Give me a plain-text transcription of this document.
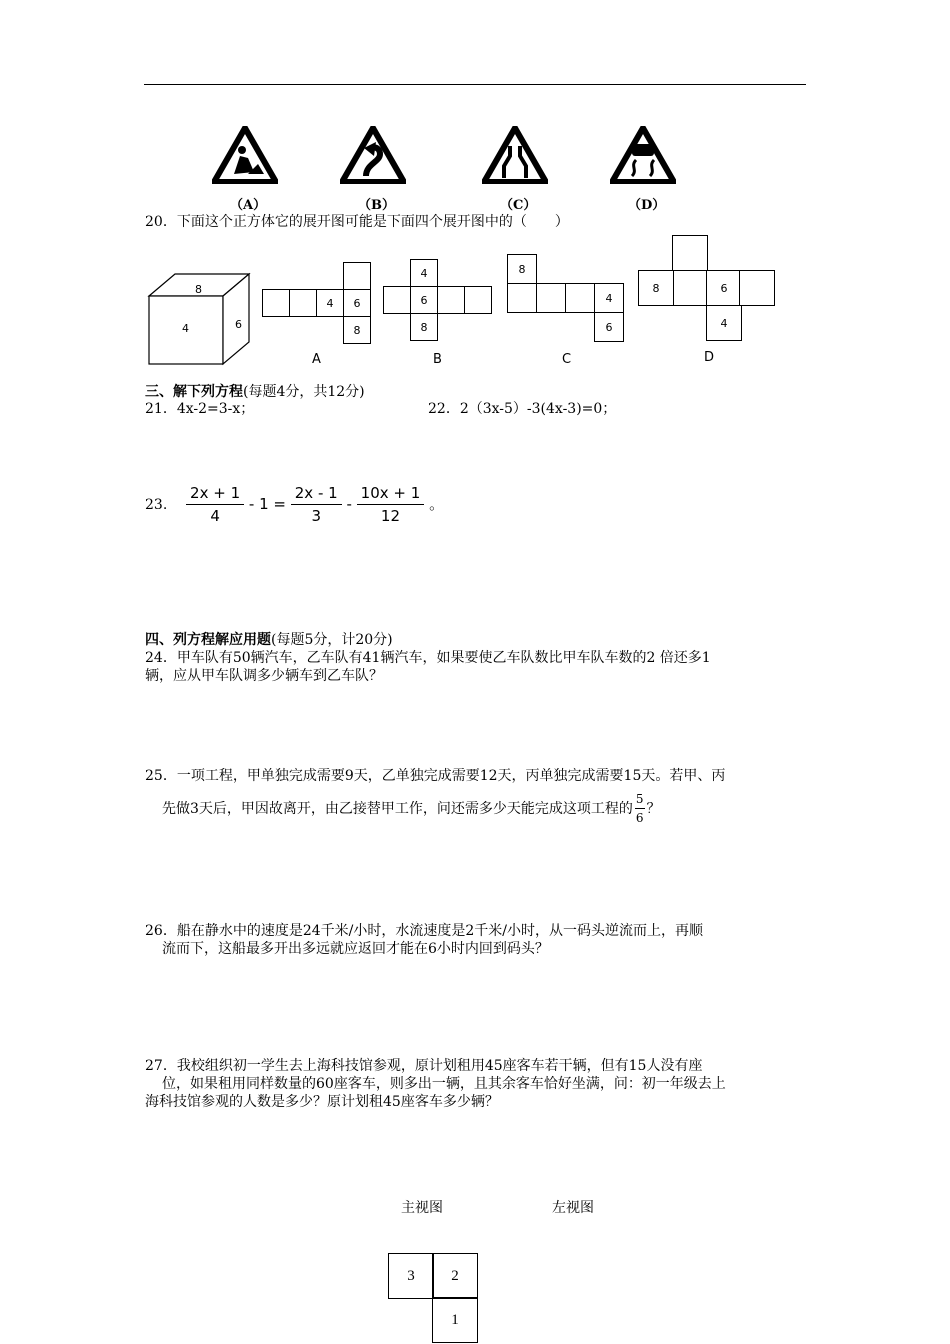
（A）	（B）	（C）	（D）
20．下面这个正方体它的展开图可能是下面四个展开图中的（　　）
8
4	6
4	6
8
A
4
6
8
B
8
4
6
C
8	6
4
D
三、解下列方程(每题4分，共12分)
21．4x-2=3-x；	22．2（3x-5）-3(4x-3)=0；
23. $\frac{2x + 1}{4} - 1 = \frac{2x - 1}{3} - \frac{10x + 1}{12}$ 。
四、列方程解应用题(每题5分，计20分)
24．甲车队有50辆汽车，乙车队有41辆汽车，如果要使乙车队数比甲车队车数的2 倍还多1
辆，应从甲车队调多少辆车到乙车队？
25．一项工程，甲单独完成需要9天，乙单独完成需要12天，丙单独完成需要15天。若甲、丙
先做3天后，甲因故离开，由乙接替甲工作，问还需多少天能完成这项工程的 $\frac{5}{6}$ ？
26．船在静水中的速度是24千米/小时，水流速度是2千米/小时，从一码头逆流而上，再顺
流而下，这船最多开出多远就应返回才能在6小时内回到码头？
27．我校组织初一学生去上海科技馆参观，原计划租用45座客车若干辆，但有15人没有座
位，如果租用同样数量的60座客车，则多出一辆，且其余客车恰好坐满，问：初一年级去上
海科技馆参观的人数是多少？原计划租45座客车多少辆？
主视图	左视图
3	2
1
